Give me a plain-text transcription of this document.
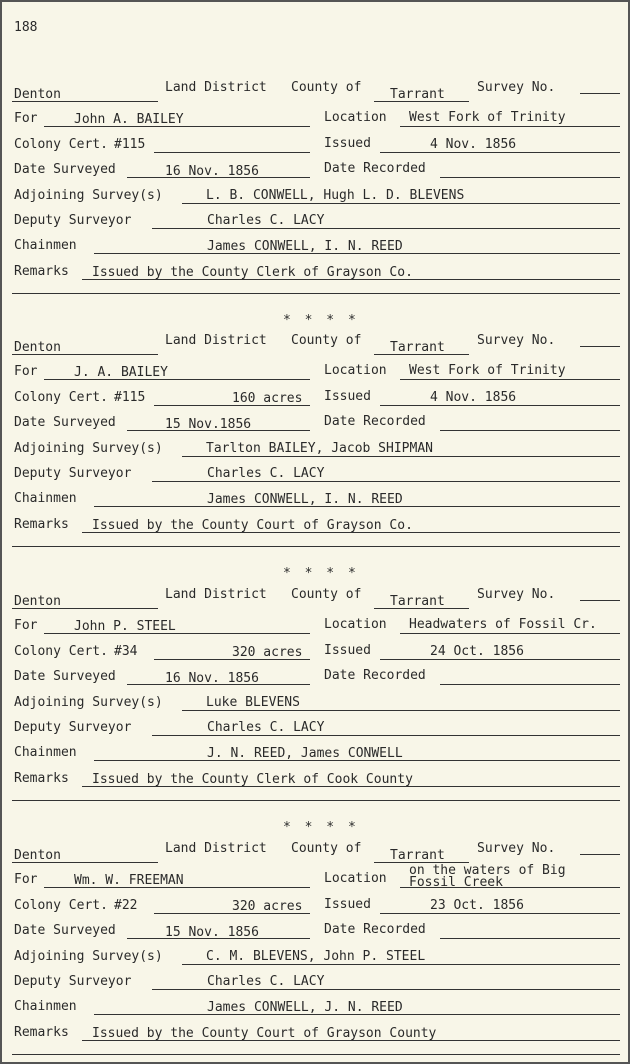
188
Denton	Land District County of Tarrant Survey No.
For	John A. BAILEY	Location West Fork of Trinity
Colony Cert. #115	Issued	4 Nov. 1856
Date Surveyed	16 Nov. 1856	Date Recorded
Adjoining Survey(s)	L. B. CONWELL, Hugh L. D. BLEVENS
Deputy Surveyor	Charles C. LACY
Chainmen	James CONWELL, I. N. REED
Remarks Issued by the County Clerk of Grayson Co.
* * * *
Denton	Land District County of Tarrant Survey No.
For	J. A. BAILEY	Location West Fork of Trinity
Colony Cert. #115	160 acres Issued	4 Nov. 1856
Date Surveyed	15 Nov.1856	Date Recorded
Adjoining Survey(s)	Tarlton BAILEY, Jacob SHIPMAN
Deputy Surveyor	Charles C. LACY
Chainmen	James CONWELL, I. N. REED
Remarks Issued by the County Court of Grayson Co.
* * * *
Denton	Land District County of Tarrant Survey No.
For	John P. STEEL	Location Headwaters of Fossil Cr.
Colony Cert. #34	320 acres Issued	24 Oct. 1856
Date Surveyed	16 Nov. 1856	Date Recorded
Adjoining Survey(s)	Luke BLEVENS
Deputy Surveyor	Charles C. LACY
Chainmen	J. N. REED, James CONWELL
Remarks Issued by the County Clerk of Cook County
* * * *
Denton	Land District County of Tarrant Survey No.
For	Wm. W. FREEMAN	Location
on the waters of Big
Fossil Creek
Colony Cert. #22	320 acres Issued	23 Oct. 1856
Date Surveyed	15 Nov. 1856	Date Recorded
Adjoining Survey(s)	C. M. BLEVENS, John P. STEEL
Deputy Surveyor	Charles C. LACY
Chainmen	James CONWELL, J. N. REED
Remarks Issued by the County Court of Grayson County
